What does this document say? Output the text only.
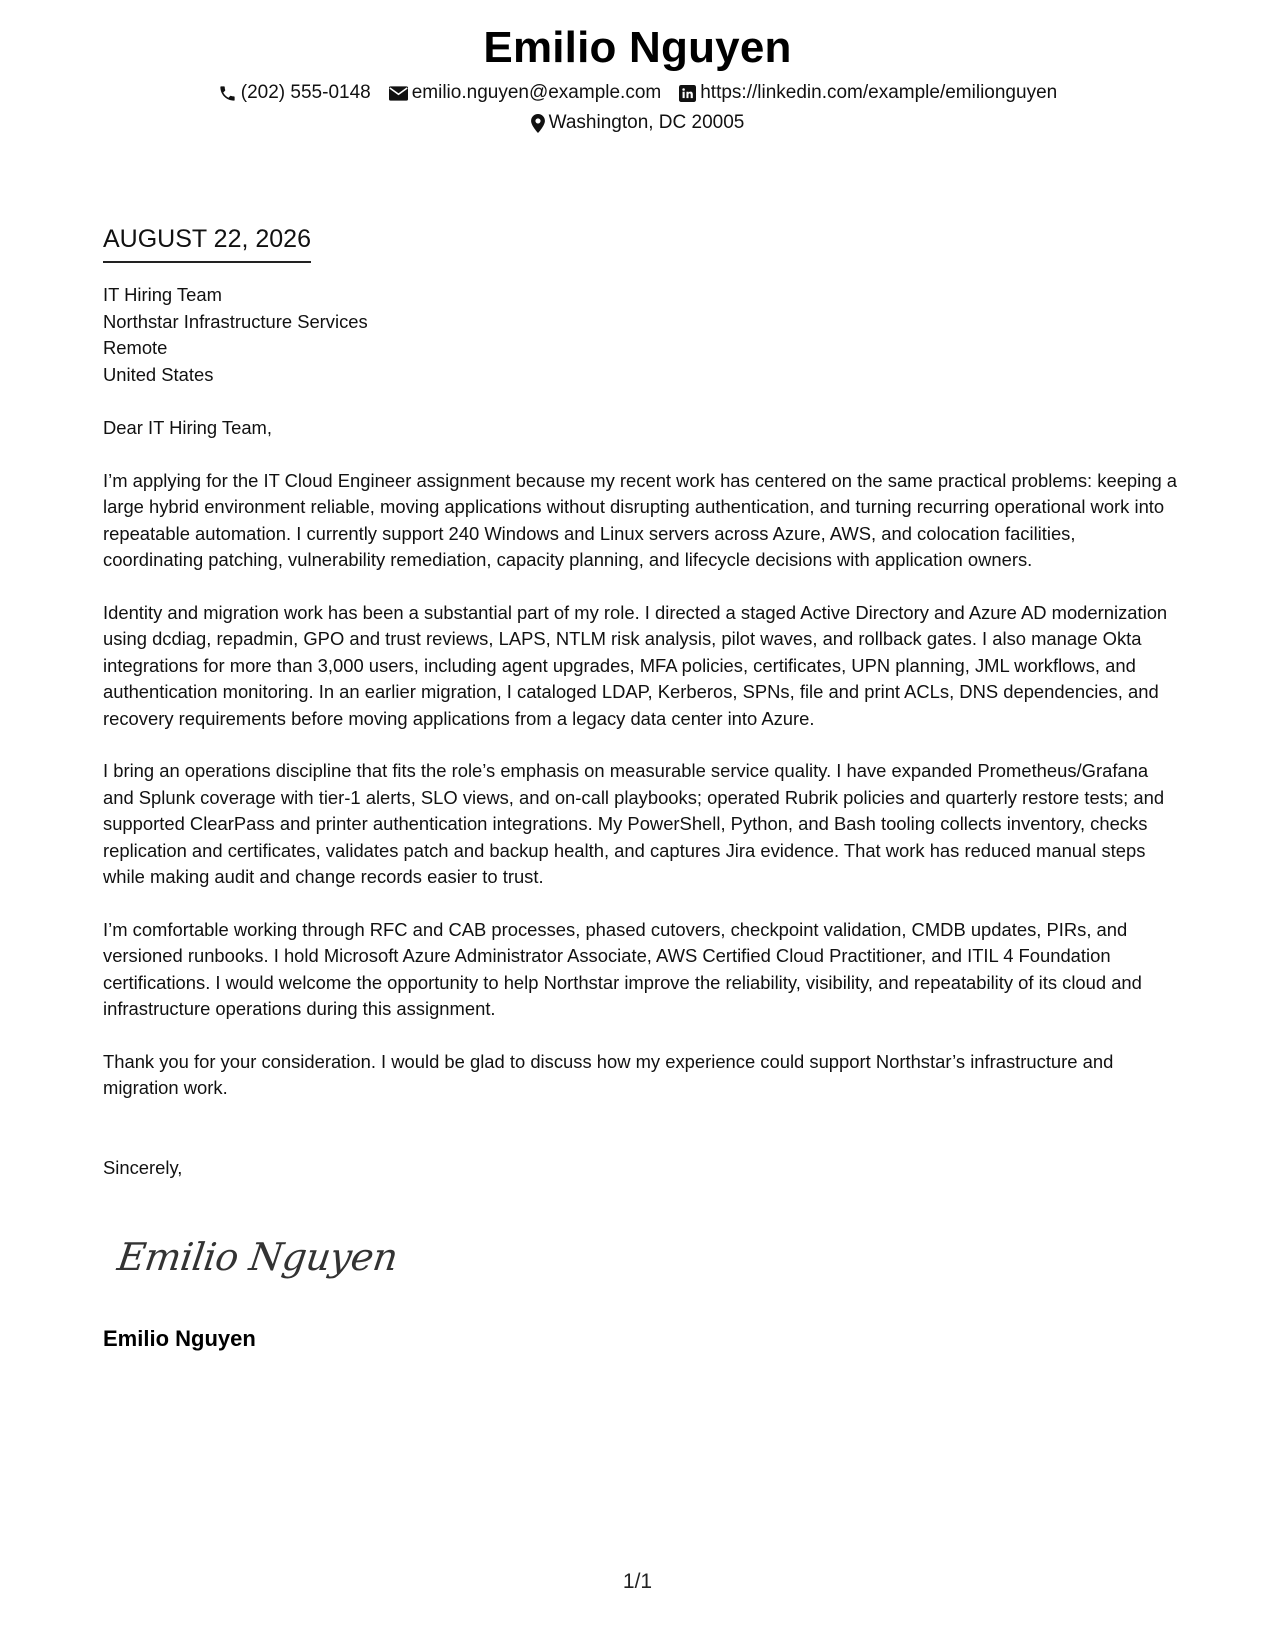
Emilio Nguyen
(202) 555-0148 emilio.nguyen@example.com https://linkedin.com/example/emilionguyen
Washington, DC 20005
AUGUST 22, 2026
IT Hiring Team
Northstar Infrastructure Services
Remote
United States

Dear IT Hiring Team,

I’m applying for the IT Cloud Engineer assignment because my recent work has centered on the same practical problems: keeping a large hybrid environment reliable, moving applications without disrupting authentication, and turning recurring operational work into repeatable automation. I currently support 240 Windows and Linux servers across Azure, AWS, and colocation facilities, coordinating patching, vulnerability remediation, capacity planning, and lifecycle decisions with application owners.

Identity and migration work has been a substantial part of my role. I directed a staged Active Directory and Azure AD modernization using dcdiag, repadmin, GPO and trust reviews, LAPS, NTLM risk analysis, pilot waves, and rollback gates. I also manage Okta integrations for more than 3,000 users, including agent upgrades, MFA policies, certificates, UPN planning, JML workflows, and authentication monitoring. In an earlier migration, I cataloged LDAP, Kerberos, SPNs, file and print ACLs, DNS dependencies, and recovery requirements before moving applications from a legacy data center into Azure.

I bring an operations discipline that fits the role’s emphasis on measurable service quality. I have expanded Prometheus/Grafana and Splunk coverage with tier-1 alerts, SLO views, and on-call playbooks; operated Rubrik policies and quarterly restore tests; and supported ClearPass and printer authentication integrations. My PowerShell, Python, and Bash tooling collects inventory, checks replication and certificates, validates patch and backup health, and captures Jira evidence. That work has reduced manual steps while making audit and change records easier to trust.

I’m comfortable working through RFC and CAB processes, phased cutovers, checkpoint validation, CMDB updates, PIRs, and versioned runbooks. I hold Microsoft Azure Administrator Associate, AWS Certified Cloud Practitioner, and ITIL 4 Foundation certifications. I would welcome the opportunity to help Northstar improve the reliability, visibility, and repeatability of its cloud and infrastructure operations during this assignment.

Thank you for your consideration. I would be glad to discuss how my experience could support Northstar’s infrastructure and migration work.

Sincerely,

Emilio Nguyen
Emilio Nguyen
1/1
